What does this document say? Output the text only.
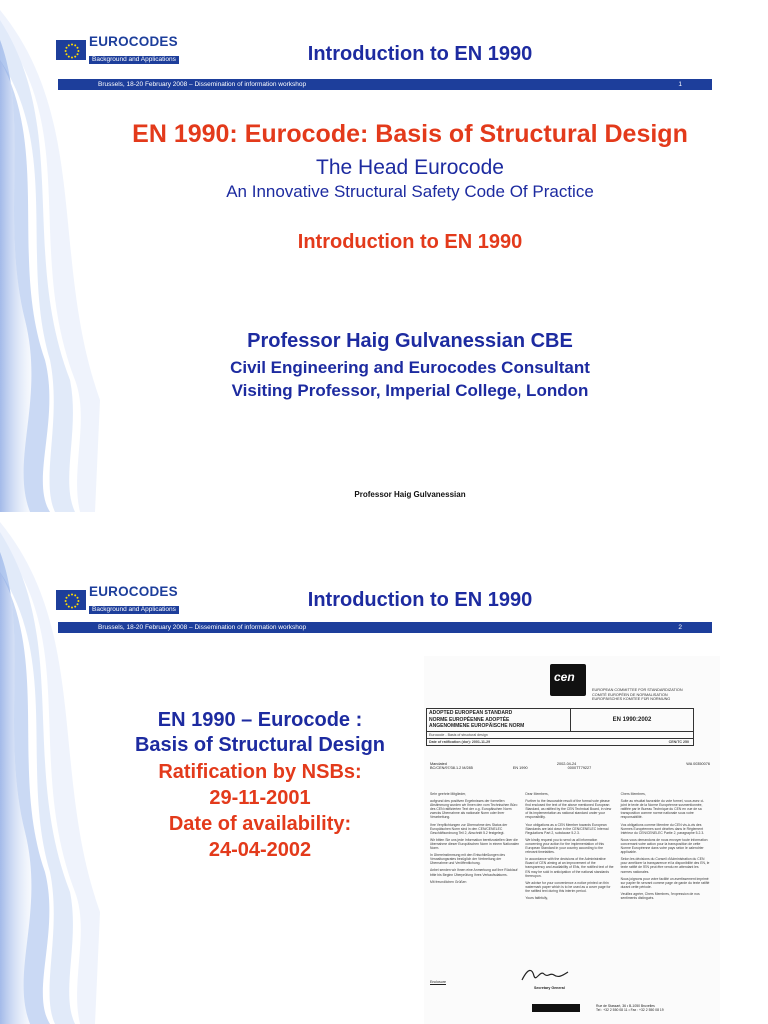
EUROCODES
Background and Applications	Introduction to EN 1990
Brussels, 18-20 February 2008 – Dissemination of information workshop	1
EN 1990: Eurocode: Basis of Structural Design
The Head Eurocode
An Innovative Structural Safety Code Of Practice
Introduction to EN 1990
Professor Haig Gulvanessian CBE
Civil Engineering and Eurocodes Consultant
Visiting Professor, Imperial College, London
Professor Haig Gulvanessian
EUROCODES
Background and Applications	Introduction to EN 1990
Brussels, 18-20 February 2008 – Dissemination of information workshop	2
EN 1990 – Eurocode :
Basis of Structural Design
Ratification by NSBs:
29-11-2001
Date of availability:
24-04-2002
cen
EUROPEAN COMMITTEE FOR STANDARDIZATION
COMITÉ EUROPÉEN DE NORMALISATION
EUROPÄISCHES KOMITEE FÜR NORMUNG
ADOPTED EUROPEAN STANDARD
NORME EUROPÉENNE ADOPTÉE
ANGENOMMENE EUROPÄISCHE NORM
EN 1990:2002
Eurocode - Basis of structural design
Date of ratification (dor): 2001-11-29	CEN/TC 250
Mandated	2002-04-24	WA 00350076
BC/CEN/97/38.1.2 M/285	EN 1990	0000TT79227

Sehr geehrte Mitglieder,

aufgrund des positiven Ergebnisses der formellen Abstimmung wurden wir Ihnen den vom Technischen Büro des CEN ratifizierten Text der o.g. Europäischen Norm zwecks Übernahme als nationale Norm oder ihrer Verarbeitung.

Ihre Verpflichtungen zur Übernahme des Status der Europäischen Norm sind in den CEN/CENELEC Geschäftsordnung Teil 2, Abschnitt 5.2 festgelegt.

Wir bitten Sie uns jede Information bereitzustellen über die übernahme dieser Europäischen Norm in einem Nationalen Norm.

In Übereinstimmung mit den Entschließungen des Verwaltungsrates bezüglich der Verbreitung der Übernahme und Veröffentlichung.

Anbei senden wir Ihnen eine Anmerkung auf Ihre Rücklauf bitte bis Beginn Überprüfung Ihres Verkaufsdatums.

Mit freundlichen Grüßen

Dear Members,

Further to the favourable result of the formal vote please find enclosed the text of the above mentioned European Standard, as ratified by the CEN Technical Board, in view of its implementation as national standard under your responsibility.

Your obligations as a CEN Member towards European Standards are laid down in the CEN/CENELEC Internal Regulations Part 2, subclause 5.2.3.

We kindly request you to send us all information concerning your action for the implementation of this European Standard in your country according to the relevant timetables.

In accordance with the decisions of the Administrative Board of CEN aiming at an improvement of the transparency and availability of ENs, the notified text of the EN may be sold in anticipation of the national standards thereupon.

We advise for your convenience a notice printed on thin watermark paper which is to be used as a cover page for the ratified text during this interim period.

Yours faithfully,

Chers Membres,

Suite au résultat favorable du vote formel, vous avez ci-joint le texte de la Norme Européenne susmentionnée, ratifiée par le Bureau Technique du CEN en vue de sa transposition comme norme nationale sous votre responsabilité.

Vos obligations comme Membre du CEN vis-à-vis des Normes Européennes sont décrites dans le Règlement Intérieur du CEN/CENELEC Partie 2, paragraphe 5.2.3.

Nous vous demandons de nous envoyer toute information concernant votre action pour la transposition de cette Norme Européenne dans votre pays selon le calendrier applicable.

Selon les décisions du Conseil d'Administration du CEN pour améliorer la transparence et la disponibilité des EN, le texte ratifié de l'EN peut être vendu en attendant les normes nationales.

Nous joignons pour votre facilité un avertissement imprimé sur papier fin servant comme page de garde du texte ratifié durant cette période.

Veuillez agréer, Chers Membres, l'expression de nos sentiments distingués.

Secretary General
Enclosure
Rue de Stassart, 36 • B-1050 Bruxelles
Tel : +32 2 550 08 11 • Fax : +32 2 550 08 19
